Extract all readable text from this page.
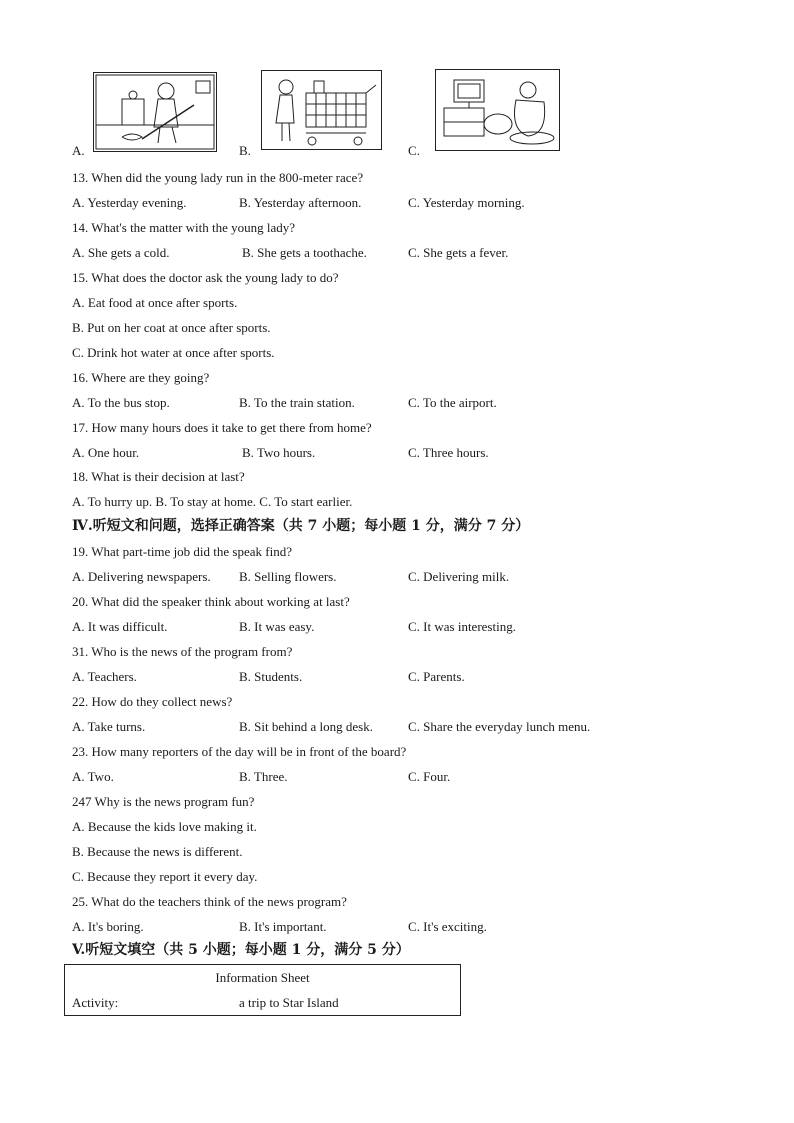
A.	B.	C.
13. When did the young lady run in the 800-meter race?
A. Yesterday evening.	B. Yesterday afternoon.	C. Yesterday morning.
14. What's the matter with the young lady?
A. She gets a cold.	B. She gets a toothache.	C. She gets a fever.
15. What does the doctor ask the young lady to do?
A. Eat food at once after sports.
B. Put on her coat at once after sports.
C. Drink hot water at once after sports.
16. Where are they going?
A. To the bus stop.	B. To the train station.	C. To the airport.
17. How many hours does it take to get there from home?
A. One hour.	B. Two hours.	C. Three hours.
18. What is their decision at last?
A. To hurry up. B. To stay at home. C. To start earlier.
Ⅳ.听短文和问题，选择正确答案（共 7 小题；每小题 1 分，满分 7 分）
19. What part-time job did the speak find?
A. Delivering newspapers. B. Selling flowers.	C. Delivering milk.
20. What did the speaker think about working at last?
A. It was difficult.	B. It was easy.	C. It was interesting.
31. Who is the news of the program from?
A. Teachers.	B. Students.	C. Parents.
22. How do they collect news?
A. Take turns.	B. Sit behind a long desk.	C. Share the everyday lunch menu.
23. How many reporters of the day will be in front of the board?
A. Two.	B. Three.	C. Four.
247 Why is the news program fun?
A. Because the kids love making it.
B. Because the news is different.
C. Because they report it every day.
25. What do the teachers think of the news program?
A. It's boring.	B. It's important.	C. It's exciting.
V.听短文填空（共 5 小题；每小题 1 分，满分 5 分）
Information Sheet
Activity:	a trip to Star Island
